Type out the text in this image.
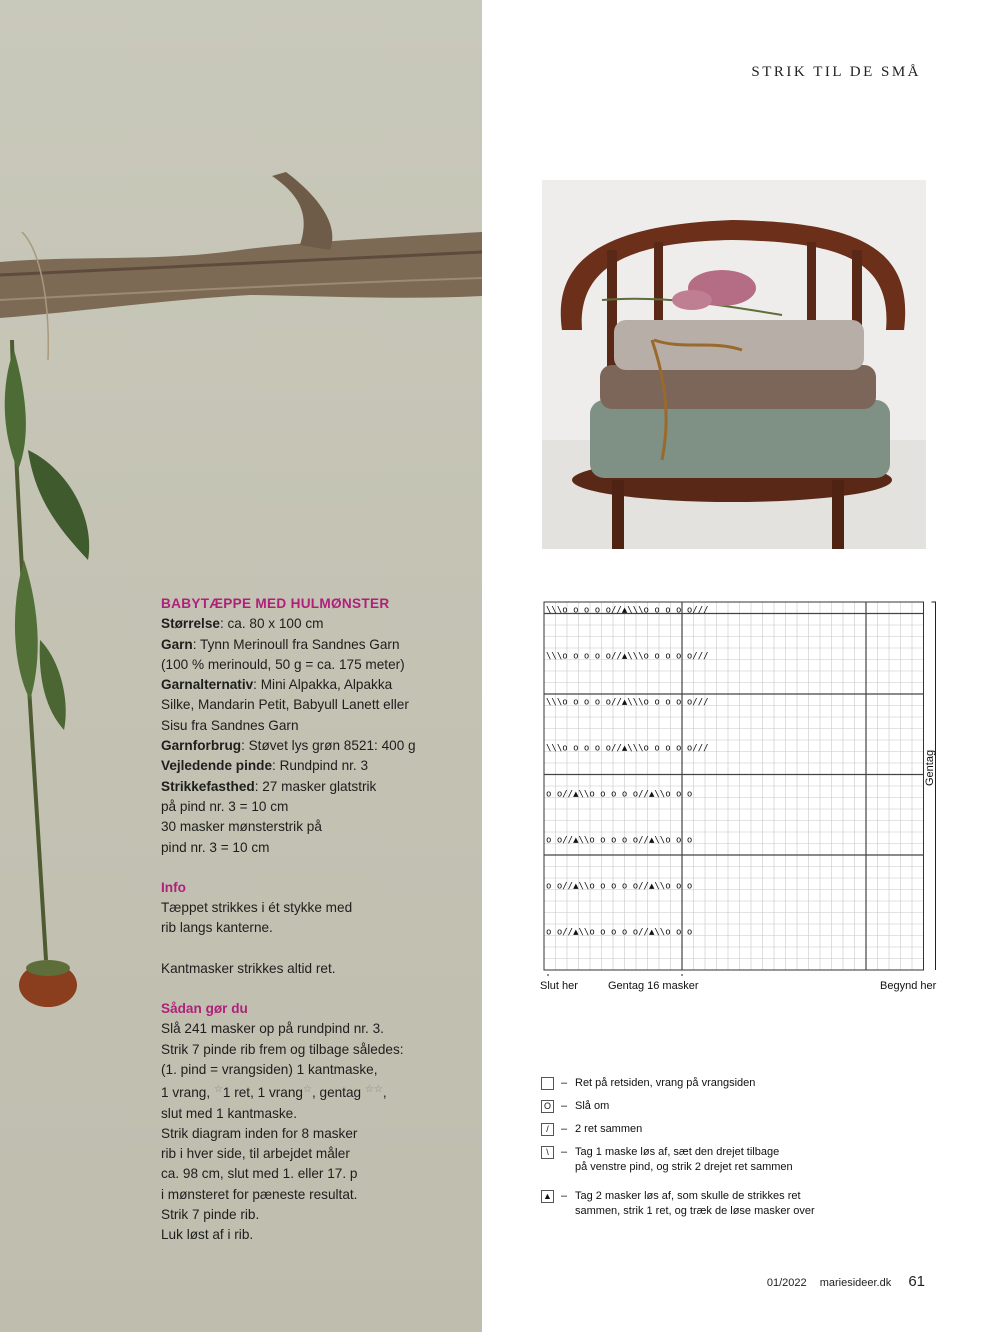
STRIK TIL DE SMÅ
BABYTÆPPE MED HULMØNSTER
Størrelse: ca. 80 x 100 cm
Garn: Tynn Merinoull fra Sandnes Garn
(100 % merinould, 50 g = ca. 175 meter)
Garnalternativ: Mini Alpakka, Alpakka
Silke, Mandarin Petit, Babyull Lanett eller
Sisu fra Sandnes Garn
Garnforbrug: Støvet lys grøn 8521: 400 g
Vejledende pinde: Rundpind nr. 3
Strikkefasthed: 27 masker glatstrik
på pind nr. 3 = 10 cm
30 masker mønsterstrik på
pind nr. 3 = 10 cm
Info
Tæppet strikkes i ét stykke med
rib langs kanterne.
Kantmasker strikkes altid ret.
Sådan gør du
Slå 241 masker op på rundpind nr. 3.
Strik 7 pinde rib frem og tilbage således:
(1. pind = vrangsiden) 1 kantmaske,
1 vrang, ☆1 ret, 1 vrang☆, gentag ☆☆,
slut med 1 kantmaske.
Strik diagram inden for 8 masker
rib i hver side, til arbejdet måler
ca. 98 cm, slut med 1. eller 17. p
i mønsteret for pæneste resultat.
Strik 7 pinde rib.
Luk løst af i rib.
\\\o o o o o//▲\\\o o o o o///
\\\o o o o o//▲\\\o o o o o///
\\\o o o o o//▲\\\o o o o o///
\\\o o o o o//▲\\\o o o o o///
o o//▲\\o o o o o//▲\\o o o
o o//▲\\o o o o o//▲\\o o o
o o//▲\\o o o o o//▲\\o o o
o o//▲\\o o o o o//▲\\o o o
Slut her	Gentag 16 masker	Begynd her
Gentag
– Ret på retsiden, vrang på vrangsiden
O – Slå om
/	– 2 ret sammen
\	– Tag 1 maske løs af, sæt den drejet tilbage
på venstre pind, og strik 2 drejet ret sammen
▲ – Tag 2 masker løs af, som skulle de strikkes ret
sammen, strik 1 ret, og træk de løse masker over
01/2022 mariesideer.dk 61
